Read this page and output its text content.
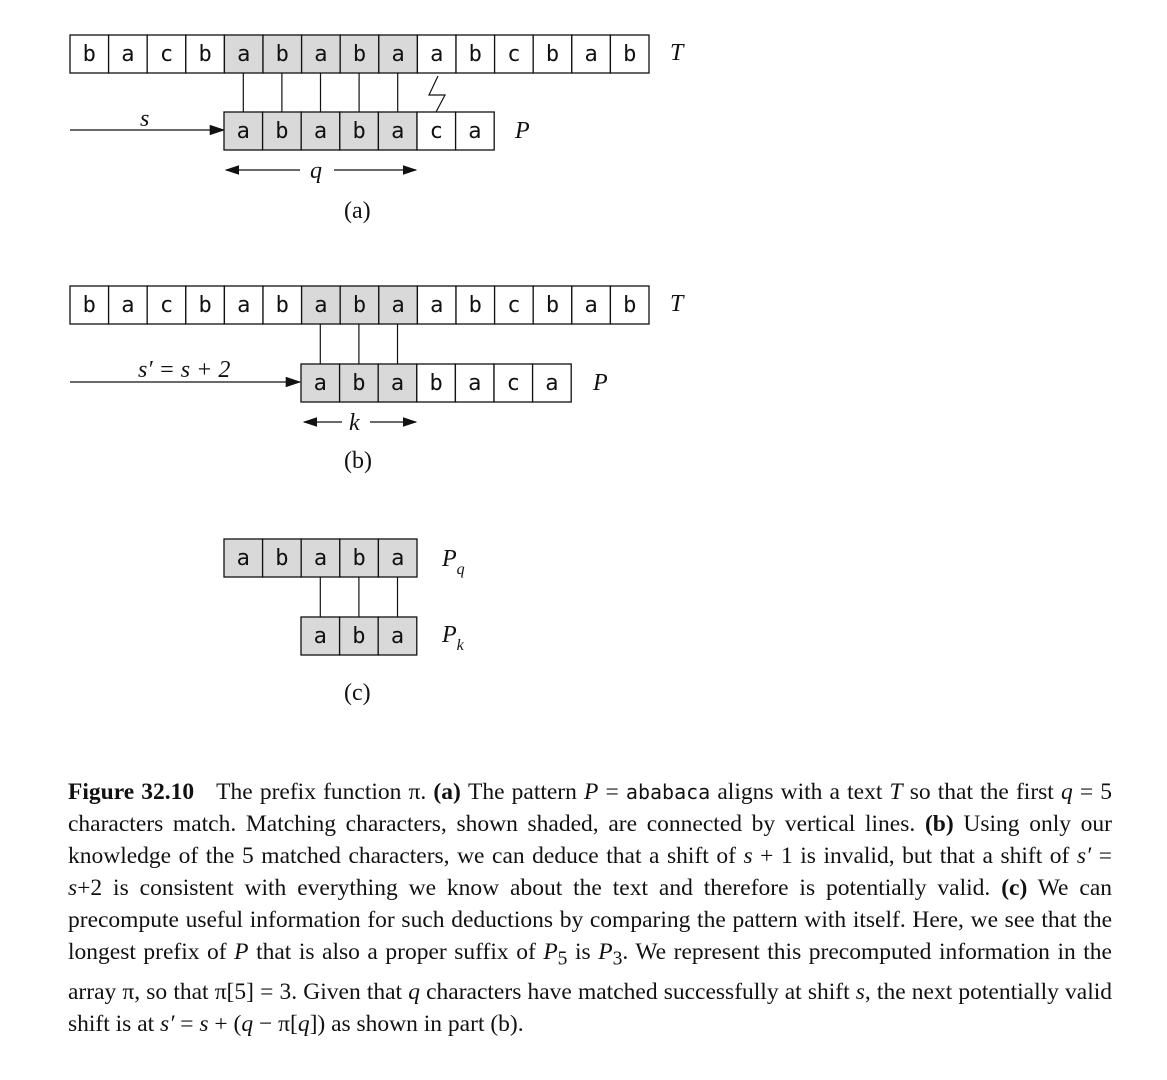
b a c b a b a b a a b c b a b T
s	a b a b a c a P
q
(a)
b a c b a b a b a a b c b a b T
s′ = s + 2
a b a b a c a P
k
(b)
a b a b a $P_q$
a b a $P_k$
(c)
Figure 32.10 The prefix function π. (a) The pattern P = ababaca aligns with a text T so that the first q = 5 characters match. Matching characters, shown shaded, are connected by vertical lines. (b) Using only our knowledge of the 5 matched characters, we can deduce that a shift of s + 1 is invalid, but that a shift of s′ = s+2 is consistent with everything we know about the text and therefore is potentially valid. (c) We can precompute useful information for such deductions by comparing the pattern with itself. Here, we see that the longest prefix of P that is also a proper suffix of $P_5$ is $P_3$. We represent this precomputed information in the array π, so that π[5] = 3. Given that q characters have matched successfully at shift s, the next potentially valid shift is at s′ = s + (q − π[q]) as shown in part (b).
